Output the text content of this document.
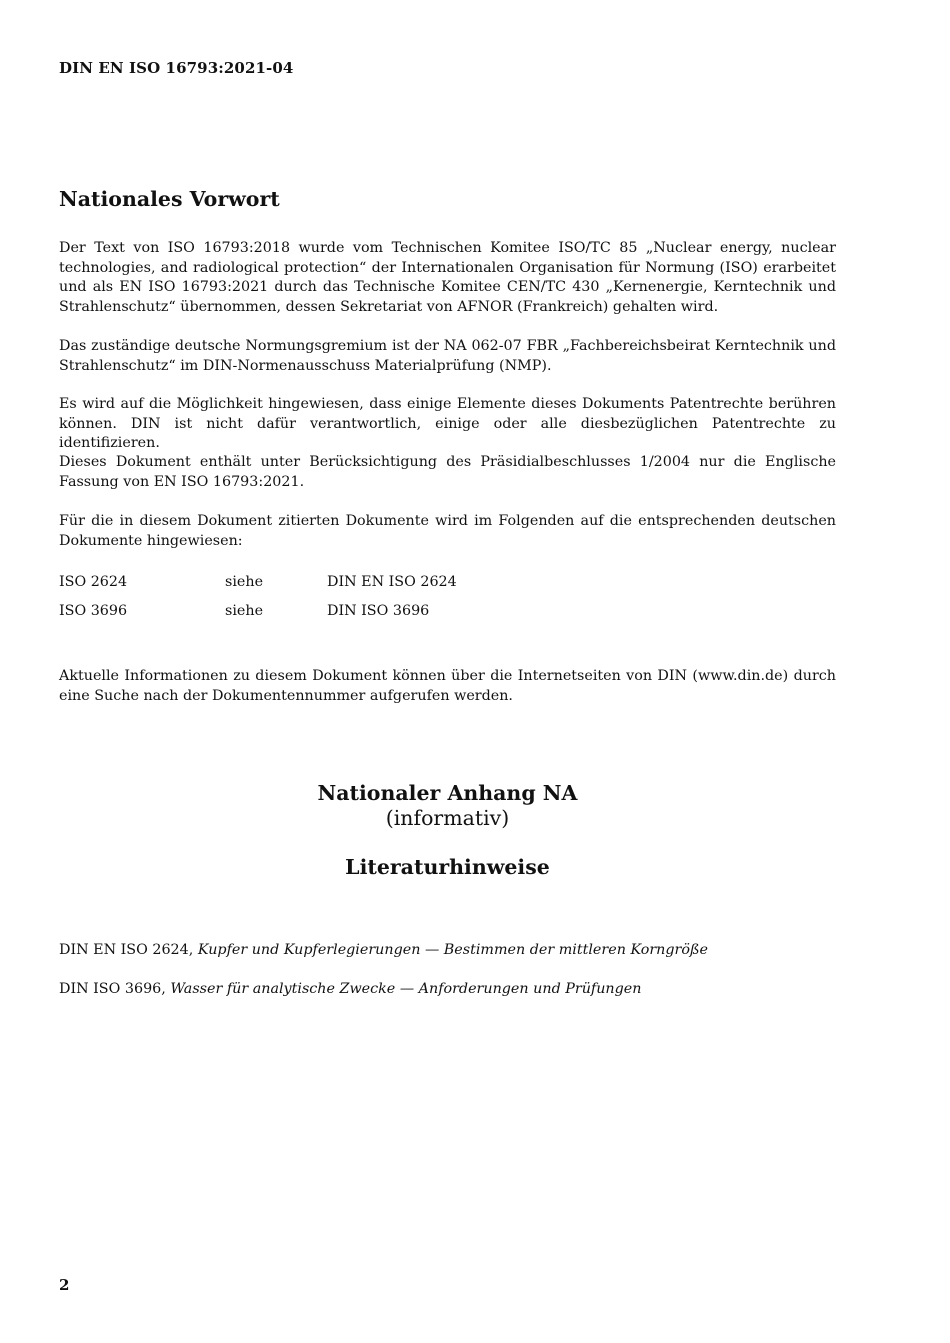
DIN EN ISO 16793:2021-04
Nationales Vorwort

Der Text von ISO 16793:2018 wurde vom Technischen Komitee ISO/TC 85 „Nuclear energy, nuclear technologies, and radiological protection“ der Internationalen Organisation für Normung (ISO) erarbeitet und als EN ISO 16793:2021 durch das Technische Komitee CEN/TC 430 „Kernenergie, Kerntechnik und Strahlenschutz“ übernommen, dessen Sekretariat von AFNOR (Frankreich) gehalten wird.

Das zuständige deutsche Normungsgremium ist der NA 062-07 FBR „Fachbereichsbeirat Kerntechnik und Strahlenschutz“ im DIN-Normenausschuss Materialprüfung (NMP).

Es wird auf die Möglichkeit hingewiesen, dass einige Elemente dieses Dokuments Patentrechte berühren können. DIN ist nicht dafür verantwortlich, einige oder alle diesbezüglichen Patentrechte zu identifizieren.

Dieses Dokument enthält unter Berücksichtigung des Präsidialbeschlusses 1/2004 nur die Englische Fassung von EN ISO 16793:2021.

Für die in diesem Dokument zitierten Dokumente wird im Folgenden auf die entsprechenden deutschen Dokumente hingewiesen:

ISO 2624	siehe	DIN EN ISO 2624
ISO 3696	siehe	DIN ISO 3696

Aktuelle Informationen zu diesem Dokument können über die Internetseiten von DIN (www.din.de) durch eine Suche nach der Dokumentennummer aufgerufen werden.

Nationaler Anhang NA
(informativ)
Literaturhinweise
DIN EN ISO 2624, Kupfer und Kupferlegierungen — Bestimmen der mittleren Korngröße
DIN ISO 3696, Wasser für analytische Zwecke — Anforderungen und Prüfungen
2
